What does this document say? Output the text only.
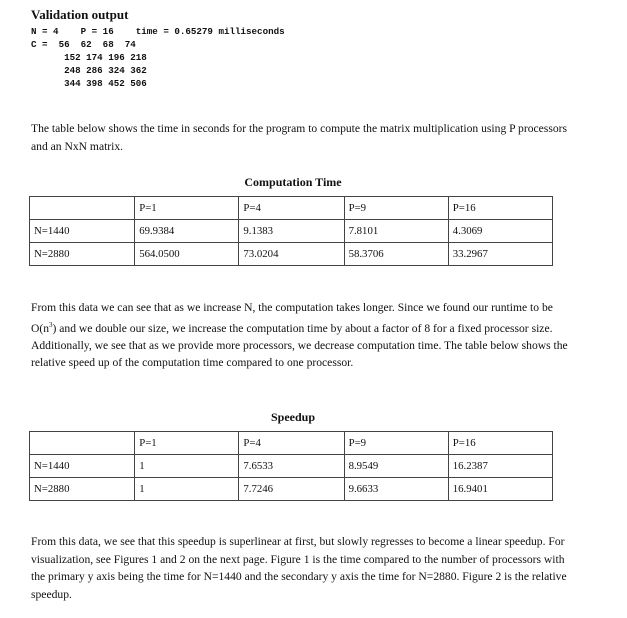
Validation output
N = 4    P = 16    time = 0.65279 milliseconds
C =  56  62  68  74
152 174 196 218
248 286 324 362
344 398 452 506
The table below shows the time in seconds for the program to compute the matrix multiplication using P processors and an NxN matrix.
Computation Time
	P=1	P=4	P=9	P=16
N=1440	69.9384	9.1383	7.8101	4.3069
N=2880	564.0500	73.0204	58.3706	33.2967
From this data we can see that as we increase N, the computation takes longer. Since we found our runtime to be $O(n^3)$ and we double our size, we increase the computation time by about a factor of 8 for a fixed processor size. Additionally, we see that as we provide more processors, we decrease computation time. The table below shows the relative speed up of the computation time compared to one processor.
Speedup
	P=1	P=4	P=9	P=16
N=1440	1	7.6533	8.9549	16.2387
N=2880	1	7.7246	9.6633	16.9401
From this data, we see that this speedup is superlinear at first, but slowly regresses to become a linear speedup. For visualization, see Figures 1 and 2 on the next page. Figure 1 is the time compared to the number of processors with the primary y axis being the time for N=1440 and the secondary y axis the time for N=2880. Figure 2 is the relative speedup.
